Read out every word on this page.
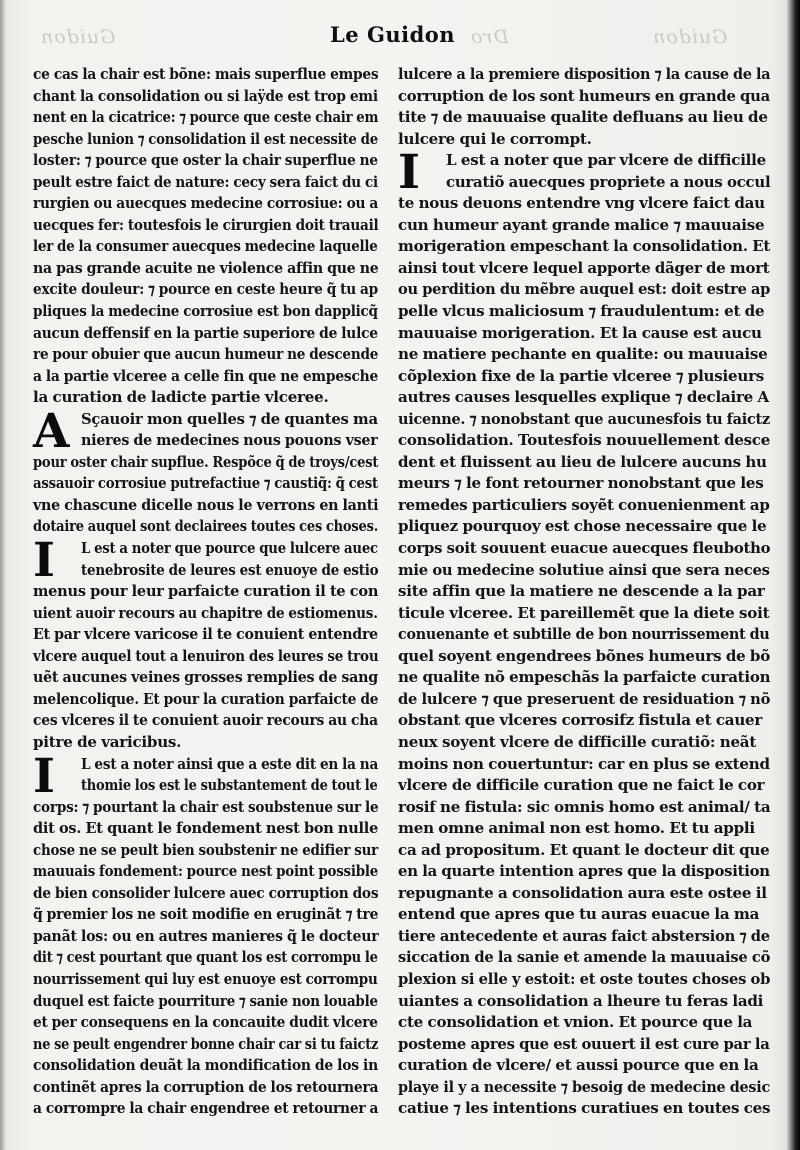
Guidon	Dro
Le Guidon	Guidon
ce cas la chair est bõne: mais superflue empes
chant la consolidation ou si laÿde est trop emi
nent en la cicatrice: ⁊ pource que ceste chair em
pesche lunion ⁊ consolidation il est necessite de
loster: ⁊ pource que oster la chair superflue ne
peult estre faict de nature: cecy sera faict du ci
rurgien ou auecques medecine corrosiue: ou a
uecques fer: toutesfois le cirurgien doit trauail
ler de la consumer auecques medecine laquelle
na pas grande acuite ne violence affin que ne
excite douleur: ⁊ pource en ceste heure q̃ tu ap
pliques la medecine corrosiue est bon dapplicq̃
aucun deffensif en la partie superiore de lulce
re pour obuier que aucun humeur ne descende
a la partie vlceree a celle fin que ne empesche
la curation de ladicte partie vlceree.
A Sçauoir mon quelles ⁊ de quantes ma
nieres de medecines nous pouons vser
pour oster chair supflue. Respõce q̃ de troys/cest
assauoir corrosiue putrefactiue ⁊ caustiq̃: q̃ cest
vne chascune dicelle nous le verrons en lanti
dotaire auquel sont declairees toutes ces choses.
I	L est a noter que pource que lulcere auec
tenebrosite de leures est enuoye de estio
menus pour leur parfaicte curation il te con
uient auoir recours au chapitre de estiomenus.
Et par vlcere varicose il te conuient entendre
vlcere auquel tout a lenuiron des leures se trou
uẽt aucunes veines grosses remplies de sang
melencolique. Et pour la curation parfaicte de
ces vlceres il te conuient auoir recours au cha
pitre de varicibus.
I	L est a noter ainsi que a este dit en la na
thomie los est le substantement de tout le
corps: ⁊ pourtant la chair est soubstenue sur le
dit os. Et quant le fondement nest bon nulle
chose ne se peult bien soubstenir ne edifier sur
mauuais fondement: pource nest point possible
de bien consolider lulcere auec corruption dos
q̃ premier los ne soit modifie en eruginãt ⁊ tre
panãt los: ou en autres manieres q̃ le docteur
dit ⁊ cest pourtant que quant los est corrompu le
nourrissement qui luy est enuoye est corrompu
duquel est faicte pourriture ⁊ sanie non louable
et per consequens en la concauite dudit vlcere
ne se peult engendrer bonne chair car si tu faictz
consolidation deuãt la mondification de los in
continẽt apres la corruption de los retournera
a corrompre la chair engendree et retourner a
lulcere a la premiere disposition ⁊ la cause de la
corruption de los sont humeurs en grande qua
tite ⁊ de mauuaise qualite defluans au lieu de
lulcere qui le corrompt.
I	L est a noter que par vlcere de difficille
curatiõ auecques propriete a nous occul
te nous deuons entendre vng vlcere faict dau
cun humeur ayant grande malice ⁊ mauuaise
morigeration empeschant la consolidation. Et
ainsi tout vlcere lequel apporte dãger de mort
ou perdition du mẽbre auquel est: doit estre ap
pelle vlcus maliciosum ⁊ fraudulentum: et de
mauuaise morigeration. Et la cause est aucu
ne matiere pechante en qualite: ou mauuaise
cõplexion fixe de la partie vlceree ⁊ plusieurs
autres causes lesquelles explique ⁊ declaire A
uicenne. ⁊ nonobstant que aucunesfois tu faictz
consolidation. Toutesfois nouuellement desce
dent et fluissent au lieu de lulcere aucuns hu
meurs ⁊ le font retourner nonobstant que les
remedes particuliers soyẽt conuenienment ap
pliquez pourquoy est chose necessaire que le
corps soit souuent euacue auecques fleubotho
mie ou medecine solutiue ainsi que sera neces
site affin que la matiere ne descende a la par
ticule vlceree. Et pareillemẽt que la diete soit
conuenante et subtille de bon nourrissement du
quel soyent engendrees bõnes humeurs de bõ
ne qualite nõ empeschãs la parfaicte curation
de lulcere ⁊ que preseruent de residuation ⁊ nõ
obstant que vlceres corrosifz fistula et cauer
neux soyent vlcere de difficille curatiõ: neãt
moins non couertuntur: car en plus se extend
vlcere de difficile curation que ne faict le cor
rosif ne fistula: sic omnis homo est animal/ ta
men omne animal non est homo. Et tu appli
ca ad propositum. Et quant le docteur dit que
en la quarte intention apres que la disposition
repugnante a consolidation aura este ostee il
entend que apres que tu auras euacue la ma
tiere antecedente et auras faict abstersion ⁊ de
siccation de la sanie et amende la mauuaise cõ
plexion si elle y estoit: et oste toutes choses ob
uiantes a consolidation a lheure tu feras ladi
cte consolidation et vnion. Et pource que la
posteme apres que est ouuert il est cure par la
curation de vlcere/ et aussi pource que en la
playe il y a necessite ⁊ besoig de medecine desic
catiue ⁊ les intentions curatiues en toutes ces
